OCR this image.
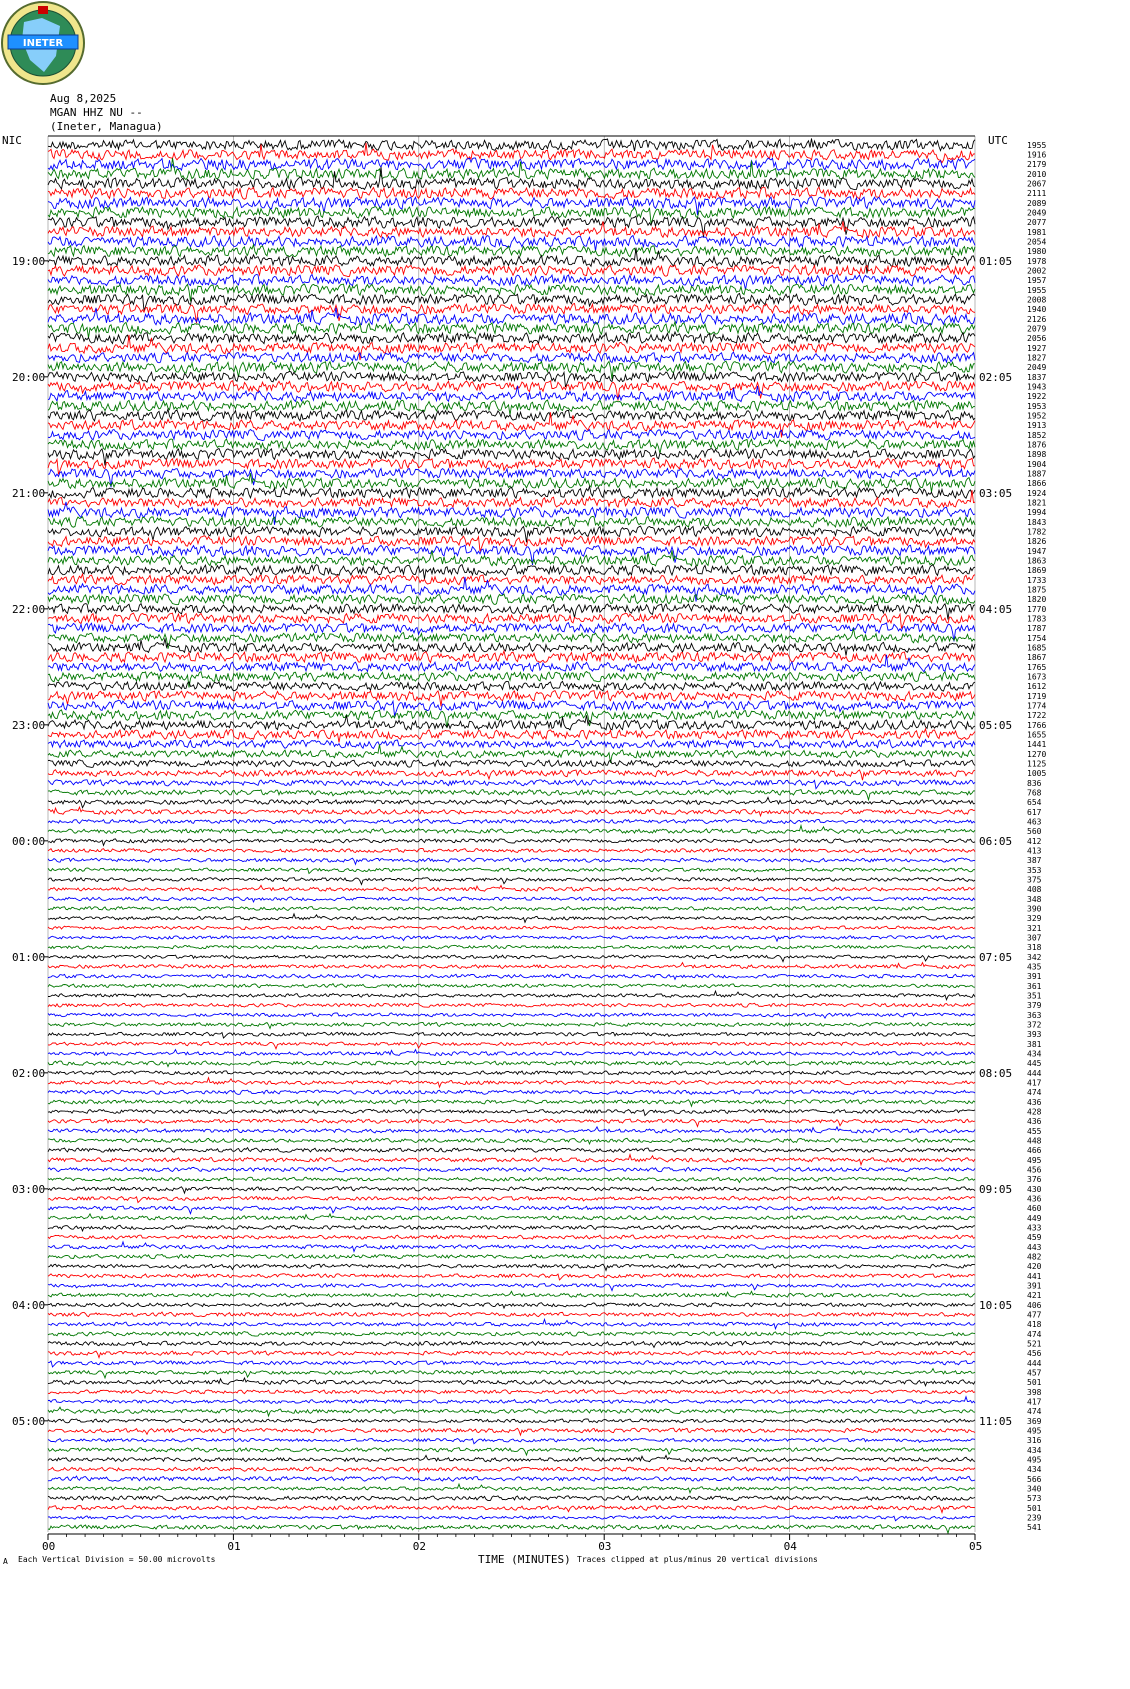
INETER
Aug 8,2025
MGAN HHZ NU --
(Ineter, Managua)
NIC	UTC 1955
1916
2179
2010
2067
2111
2089
2049
2077
1981
2054
1980
1978
2002
1957
1955
2008
1940
2126
2079
2056
1927
1827
2049
1837
1943
1922
1953
1952
1913
1852
1876
1898
1904
1887
1866
1924
1821
1994
1843
1782
1826
1947
1863
1869
1733
1875
1820
1770
1783
1787
1754
1685
1867
1765
1673
1612
1719
1774
1722
1766
1655
1441
1270
1125
1005
836
768
654
617
463
560
412
413
387
353
375
408
348
390
329
321
307
318
342
435
391
361
351
379
363
372
393
381
434
445
444
417
474
436
428
436
455
448
466
495
456
376
430
436
460
449
433
459
443
482
420
441
391
421
406
477
418
474
521
456
444
457
501
398
417
474
369
495
316
434
495
434
566
340
573
501
239
541
19:00
20:00
21:00
22:00
23:00
00:00
01:00
02:00
03:00
04:00
05:00
01:05
02:05
03:05
04:05
05:05
06:05
07:05
08:05
09:05
10:05
11:05
00	01	02	03	04	05
TIME (MINUTES)
Each Vertical Division = 50.00 microvolts	Traces clipped at plus/minus 20 vertical divisions
A
